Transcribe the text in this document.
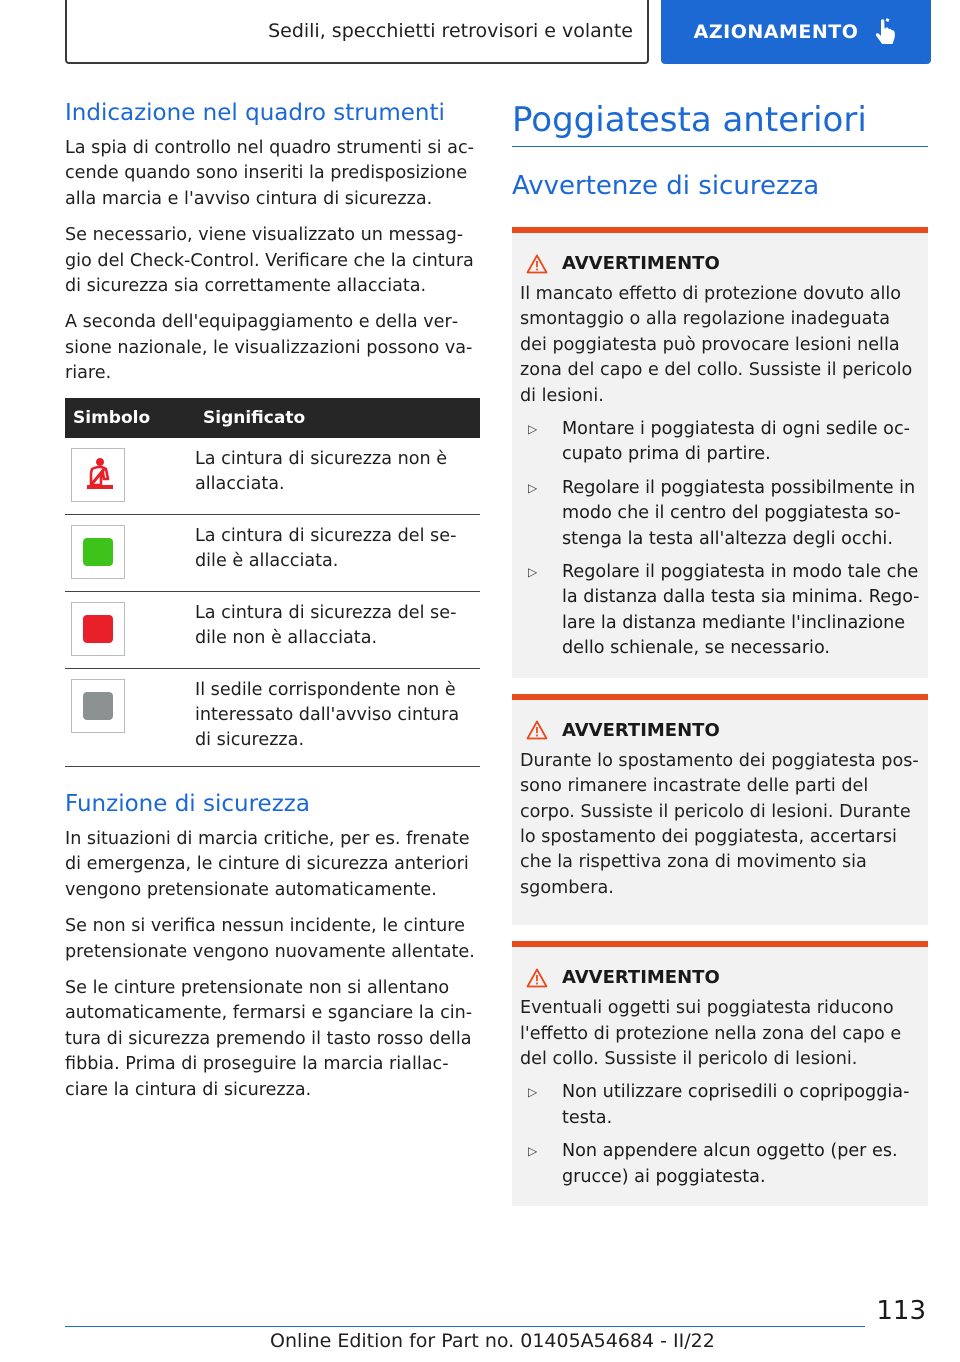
Sedili, specchietti retrovisori e volante	AZIONAMENTO
Indicazione nel quadro strumenti

La spia di controllo nel quadro strumenti si accende quando sono inseriti la predisposizione alla marcia e l'avviso cintura di sicurezza.

Se necessario, viene visualizzato un messaggio del Check-Control. Verificare che la cintura di sicurezza sia correttamente allacciata.

A seconda dell'equipaggiamento e della versione nazionale, le visualizzazioni possono variare.

Simbolo	Significato

	La cintura di sicurezza non è allacciata.

	La cintura di sicurezza del sedile è allacciata.

	La cintura di sicurezza del sedile non è allacciata.

	Il sedile corrispondente non è interessato dall'avviso cintura di sicurezza.
Funzione di sicurezza

In situazioni di marcia critiche, per es. frenate di emergenza, le cinture di sicurezza anteriori vengono pretensionate automaticamente.

Se non si verifica nessun incidente, le cinture pretensionate vengono nuovamente allentate.

Se le cinture pretensionate non si allentano automaticamente, fermarsi e sganciare la cintura di sicurezza premendo il tasto rosso della fibbia. Prima di proseguire la marcia riallacciare la cintura di sicurezza.

Poggiatesta anteriori
Avvertenze di sicurezza
AVVERTIMENTO

Il mancato effetto di protezione dovuto allo smontaggio o alla regolazione inadeguata dei poggiatesta può provocare lesioni nella zona del capo e del collo. Sussiste il pericolo di lesioni.

▷	Montare i poggiatesta di ogni sedile occupato prima di partire.
▷	Regolare il poggiatesta possibilmente in modo che il centro del poggiatesta sostenga la testa all'altezza degli occhi.
▷	Regolare il poggiatesta in modo tale che la distanza dalla testa sia minima. Regolare la distanza mediante l'inclinazione dello schienale, se necessario.
AVVERTIMENTO

Durante lo spostamento dei poggiatesta possono rimanere incastrate delle parti del corpo. Sussiste il pericolo di lesioni. Durante lo spostamento dei poggiatesta, accertarsi che la rispettiva zona di movimento sia sgombera.

AVVERTIMENTO

Eventuali oggetti sui poggiatesta riducono l'effetto di protezione nella zona del capo e del collo. Sussiste il pericolo di lesioni.

▷	Non utilizzare coprisedili o copripoggiatesta.
▷	Non appendere alcun oggetto (per es. grucce) ai poggiatesta.
113
Online Edition for Part no. 01405A54684 - II/22
